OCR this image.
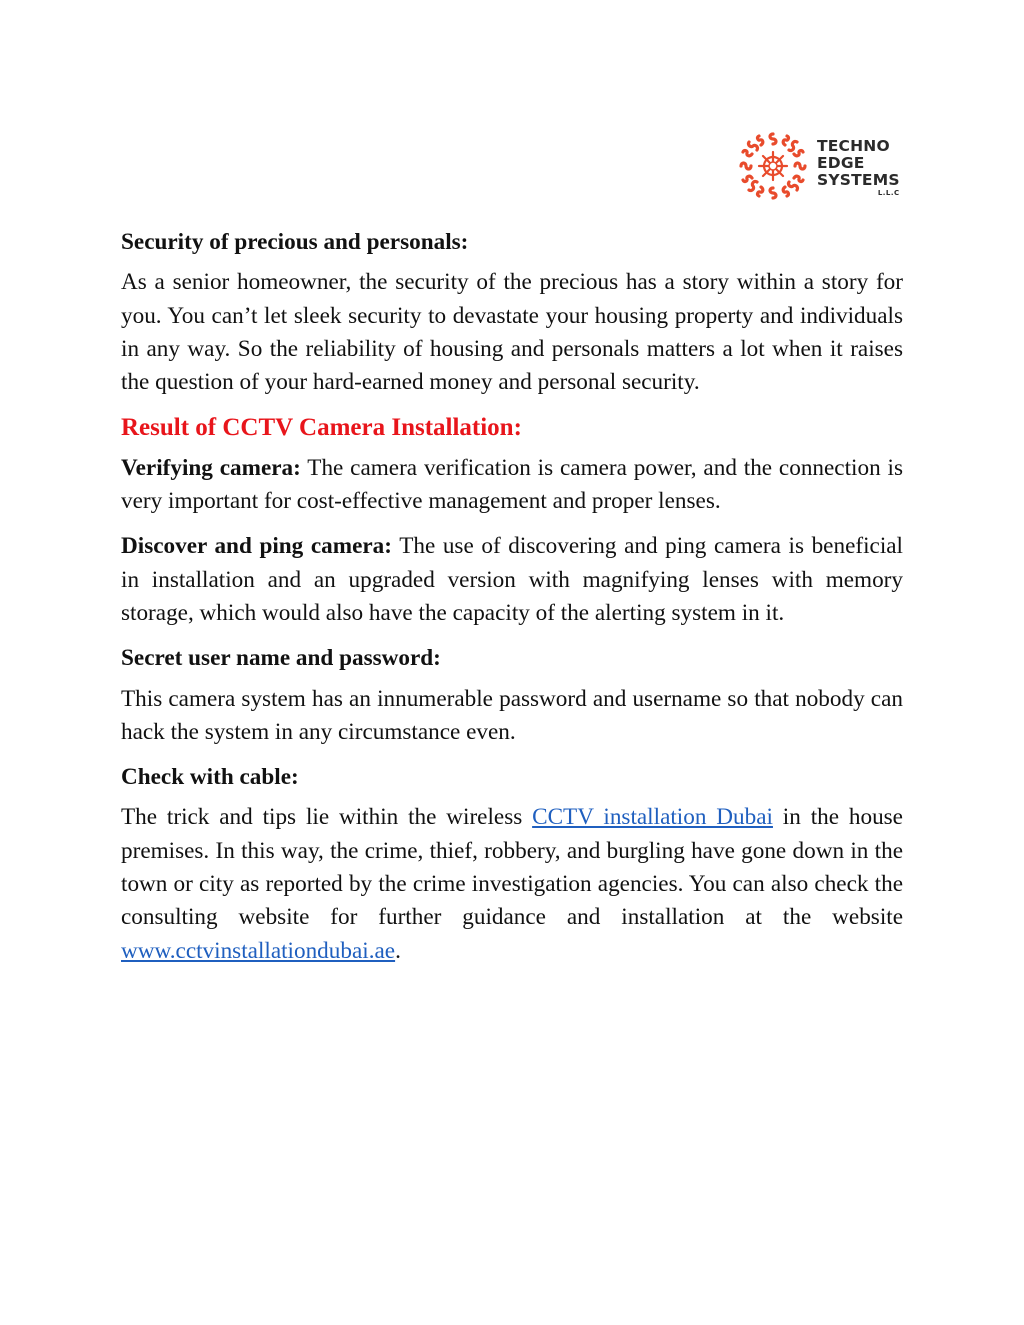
TECHNO
EDGE
SYSTEMS
L.L.C

Security of precious and personals:

As a senior homeowner, the security of the precious has a story within a story for you. You can’t let sleek security to devastate your housing property and individuals in any way. So the reliability of housing and personals matters a lot when it raises the question of your hard-earned money and personal security.

Result of CCTV Camera Installation:

Verifying camera: The camera verification is camera power, and the connection is very important for cost-effective management and proper lenses.

Discover and ping camera: The use of discovering and ping camera is beneficial in installation and an upgraded version with magnifying lenses with memory storage, which would also have the capacity of the alerting system in it.

Secret user name and password:

This camera system has an innumerable password and username so that nobody can hack the system in any circumstance even.

Check with cable:

The trick and tips lie within the wireless CCTV installation Dubai in the house premises. In this way, the crime, thief, robbery, and burgling have gone down in the town or city as reported by the crime investigation agencies. You can also check the consulting website for further guidance and installation at the website www.cctvinstallationdubai.ae.
